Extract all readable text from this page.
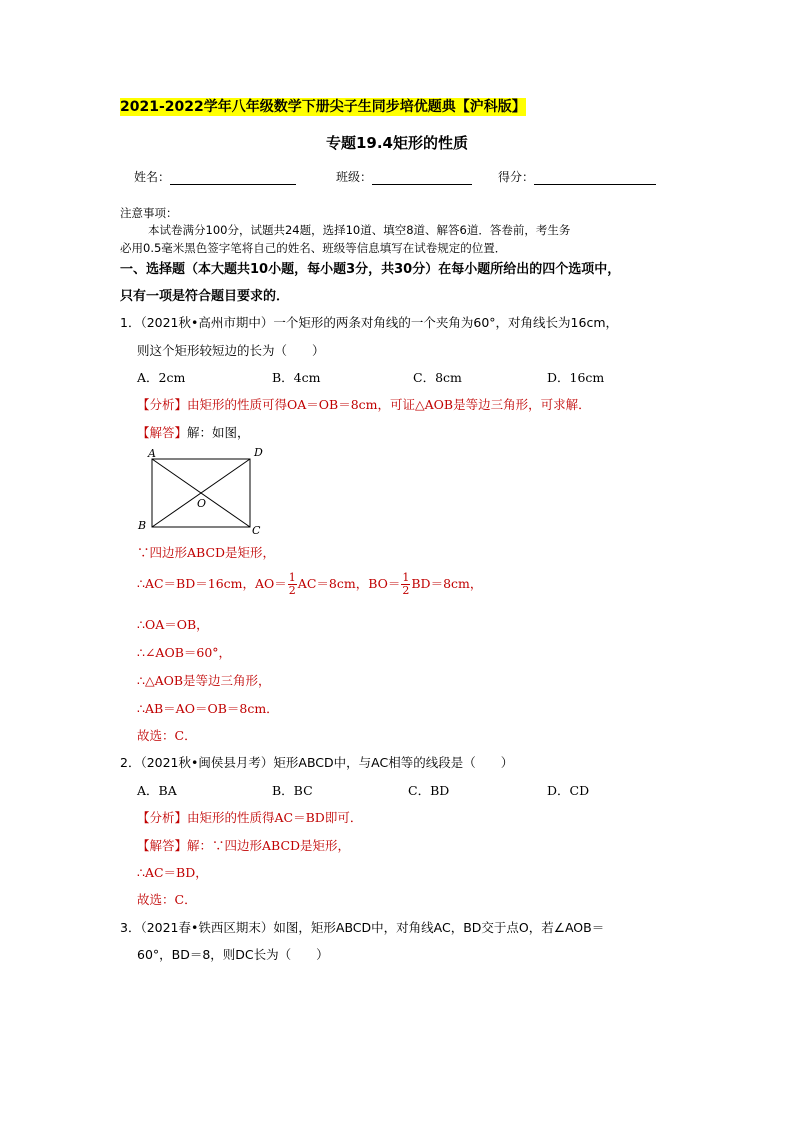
2021-2022学年八年级数学下册尖子生同步培优题典【沪科版】
专题19.4矩形的性质
姓名：	班级：	得分：
注意事项：
本试卷满分100分，试题共24题，选择10道、填空8道、解答6道．答卷前，考生务
必用0.5毫米黑色签字笔将自己的姓名、班级等信息填写在试卷规定的位置．
一、选择题（本大题共10小题，每小题3分，共30分）在每小题所给出的四个选项中，
只有一项是符合题目要求的．
1．（2021秋•高州市期中）一个矩形的两条对角线的一个夹角为60°，对角线长为16cm，
则这个矩形较短边的长为（　　）
A．2cm	B．4cm	C．8cm	D．16cm
【分析】由矩形的性质可得OA＝OB＝8cm，可证△AOB是等边三角形，可求解．
【解答】解：如图，
A	D
B	C
O
∵四边形ABCD是矩形，
∴AC＝BD＝16cm，$AO= \frac{1}{2} AC=8cm$，$BO= \frac{1}{2} BD=8cm$，
∴OA＝OB，
∴∠AOB＝60°，
∴△AOB是等边三角形，
∴AB＝AO＝OB＝8cm．
故选：C．
2．（2021秋•闽侯县月考）矩形ABCD中，与AC相等的线段是（　　）
A．BA	B．BC	C．BD	D．CD
【分析】由矩形的性质得AC＝BD即可．
【解答】解：∵四边形ABCD是矩形，
∴AC＝BD，
故选：C．
3．（2021春•铁西区期末）如图，矩形ABCD中，对角线AC，BD交于点O，若∠AOB＝
60°，BD＝8，则DC长为（　　）
